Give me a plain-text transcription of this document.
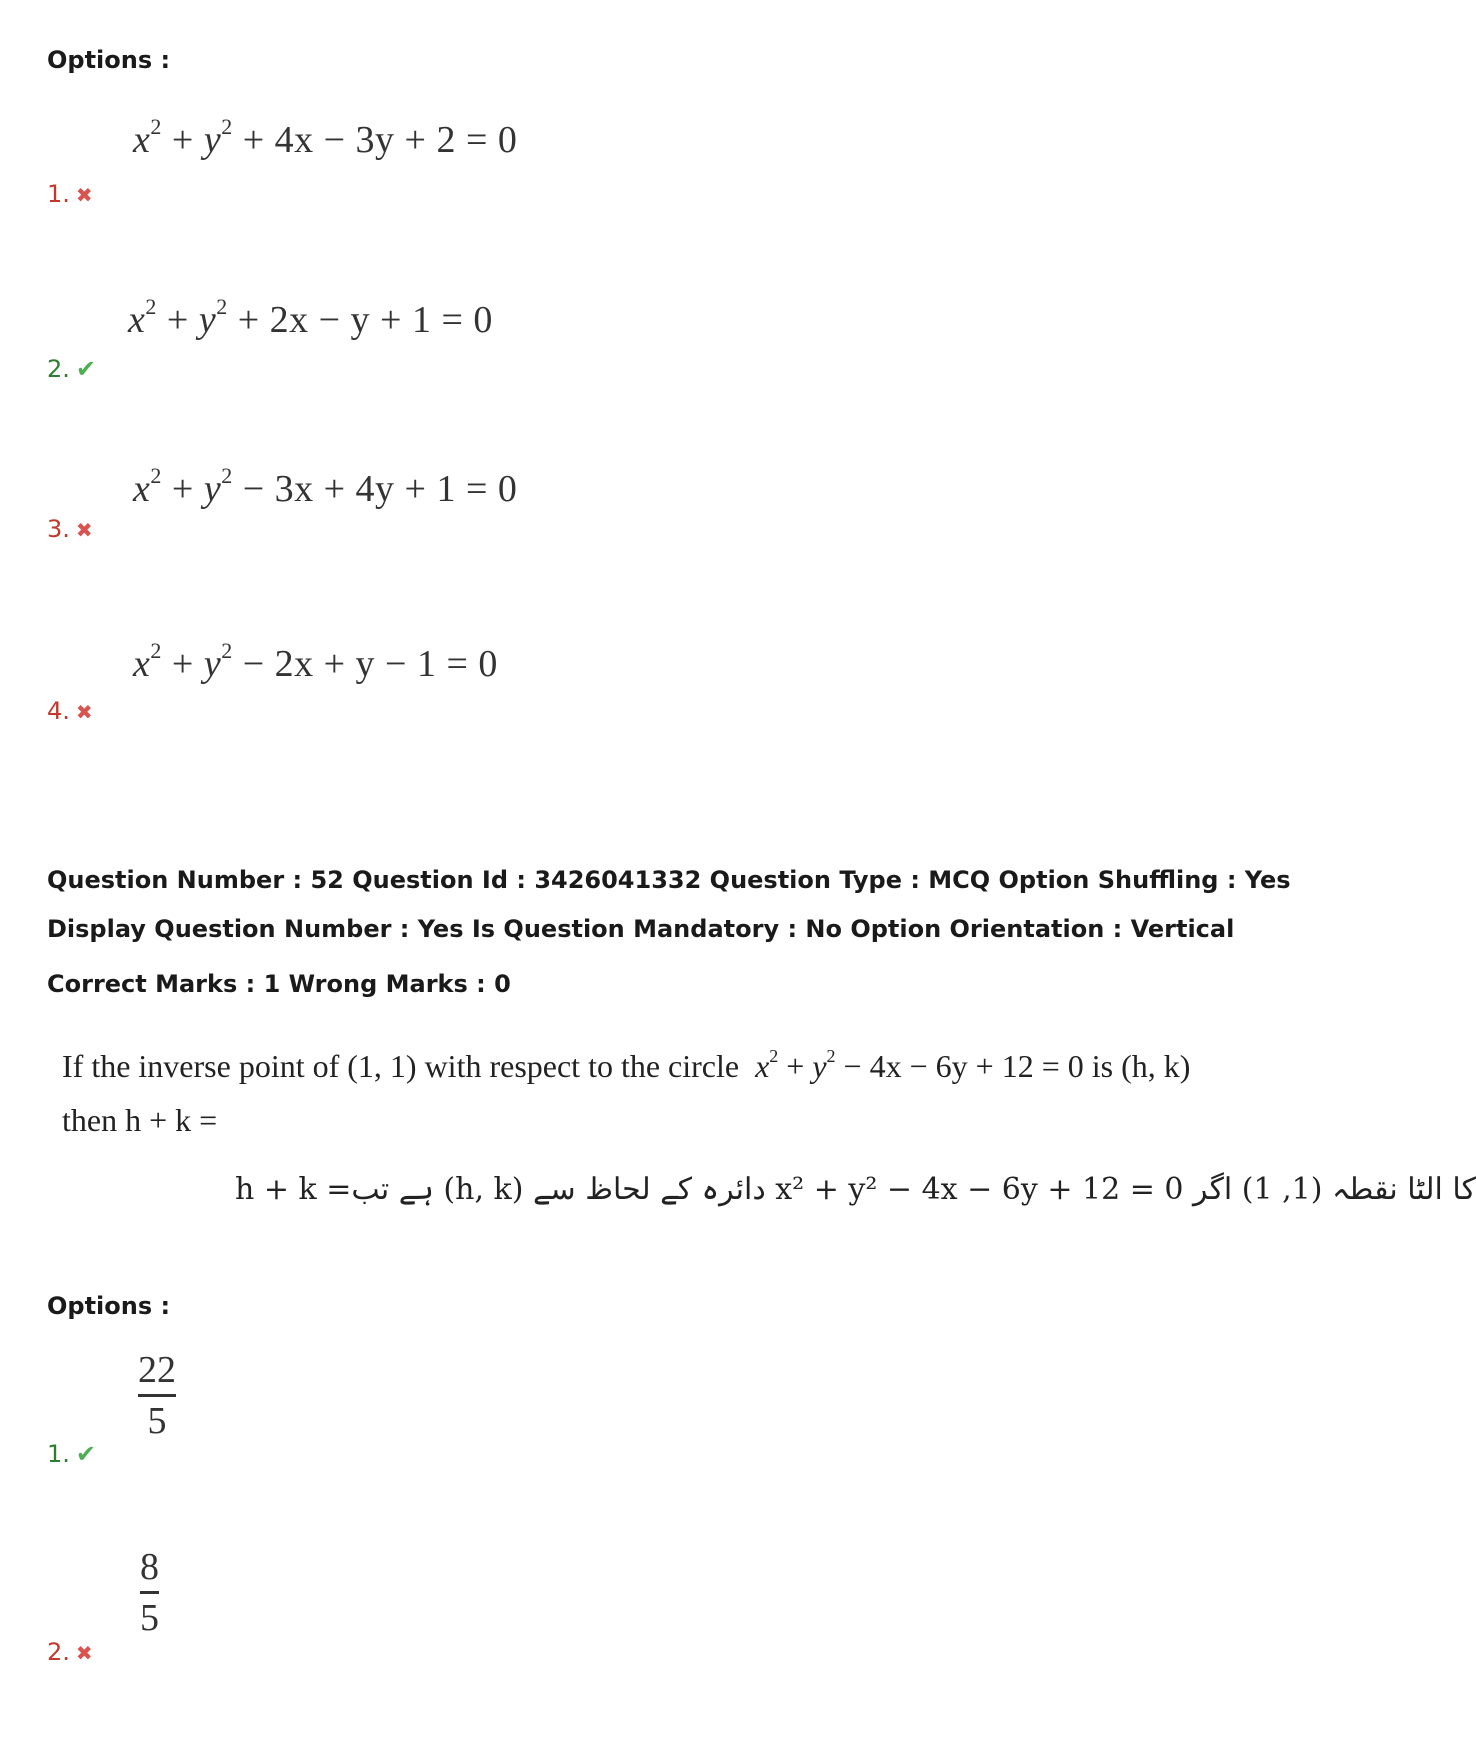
Options :
$x^2 + y^2 + 4x - 3y + 2 = 0$
1. ✖
$x^2 + y^2 + 2x - y + 1 = 0$
2. ✔
$x^2 + y^2 - 3x + 4y + 1 = 0$
3. ✖
$x^2 + y^2 - 2x + y - 1 = 0$
4. ✖
Question Number : 52 Question Id : 3426041332 Question Type : MCQ Option Shuffling : Yes
Display Question Number : Yes Is Question Mandatory : No Option Orientation : Vertical
Correct Marks : 1 Wrong Marks : 0
If the inverse point of (1, 1) with respect to the circle $x^2 + y^2 - 4x - 6y + 12 = 0$ is (h, k)
then h + k =
h + k =ہے تب (h, k) دائرہ کے لحاظ سے x² + y² − 4x − 6y + 12 = 0 کا الٹا نقطہ (1, 1) اگر
Options :
22
5
1. ✔
8
5
2. ✖
